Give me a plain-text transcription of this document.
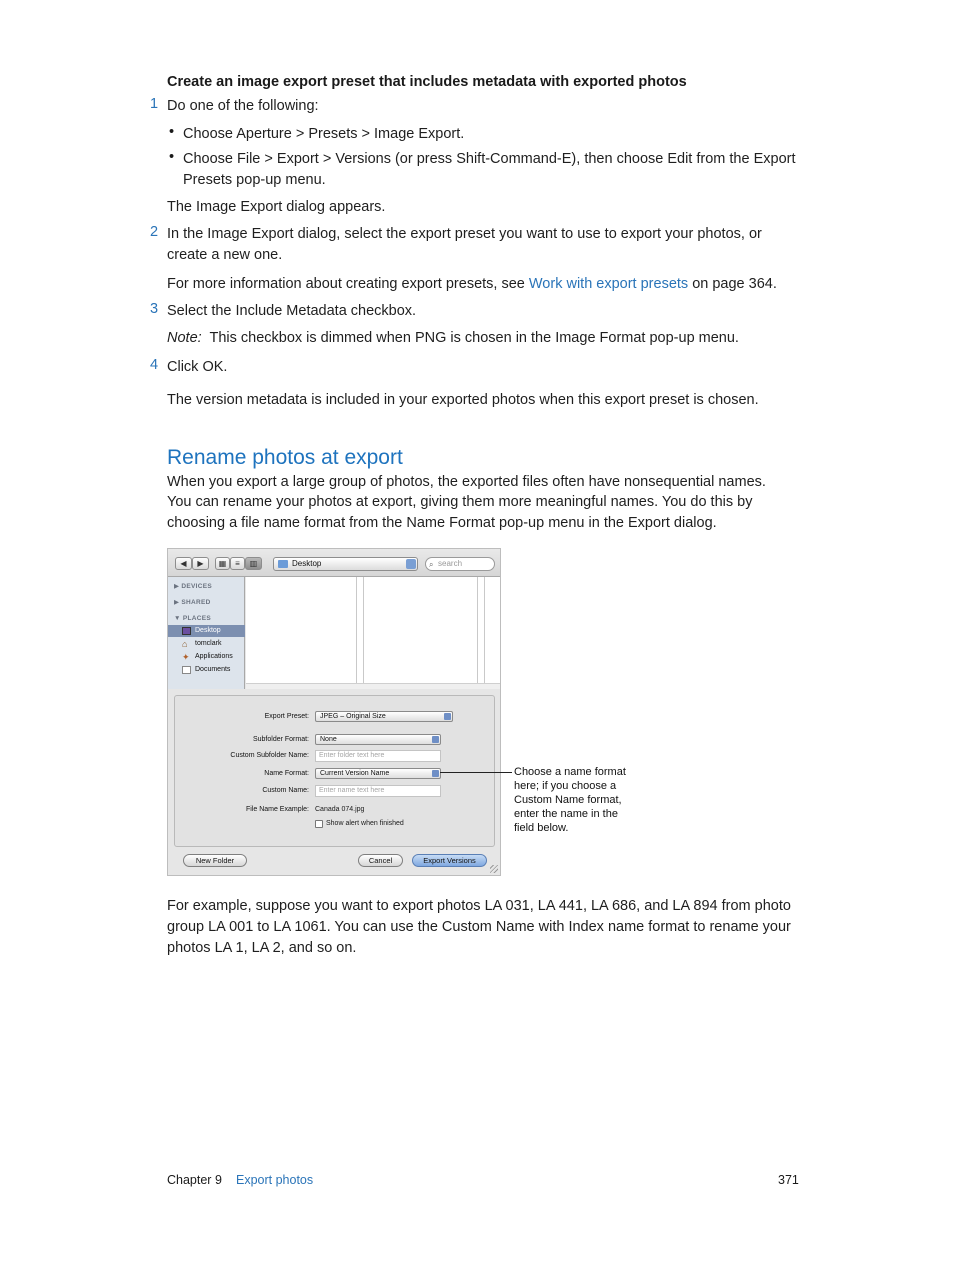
Create an image export preset that includes metadata with exported photos
1 Do one of the following:
• Choose Aperture > Presets > Image Export.
• Choose File > Export > Versions (or press Shift-Command-E), then choose Edit from the Export
Presets pop-up menu.
The Image Export dialog appears.
2 In the Image Export dialog, select the export preset you want to use to export your photos, or
create a new one.
For more information about creating export presets, see Work with export presets on page 364.
3 Select the Include Metadata checkbox.
Note: This checkbox is dimmed when PNG is chosen in the Image Format pop-up menu.
4 Click OK.
The version metadata is included in your exported photos when this export preset is chosen.
Rename photos at export
When you export a large group of photos, the exported files often have nonsequential names.
You can rename your photos at export, giving them more meaningful names. You do this by
choosing a file name format from the Name Format pop-up menu in the Export dialog.
◀	▶	▦	≡	▥	Desktop	⌕ search
▶ DEVICES
▶ SHARED
▼ PLACES
Desktop
⌂	tomclark
✦ Applications
Documents
Export Preset:	JPEG – Original Size
Subfolder Format:	None
Custom Subfolder Name:	Enter folder text here
Name Format:	Current Version Name
Custom Name:	Enter name text here
File Name Example: Canada 074.jpg
Show alert when finished
New Folder	Cancel	Export Versions
Choose a name format
here; if you choose a
Custom Name format,
enter the name in the
field below.
For example, suppose you want to export photos LA 031, LA 441, LA 686, and LA 894 from photo
group LA 001 to LA 1061. You can use the Custom Name with Index name format to rename your
photos LA 1, LA 2, and so on.
Chapter 9 Export photos	371
